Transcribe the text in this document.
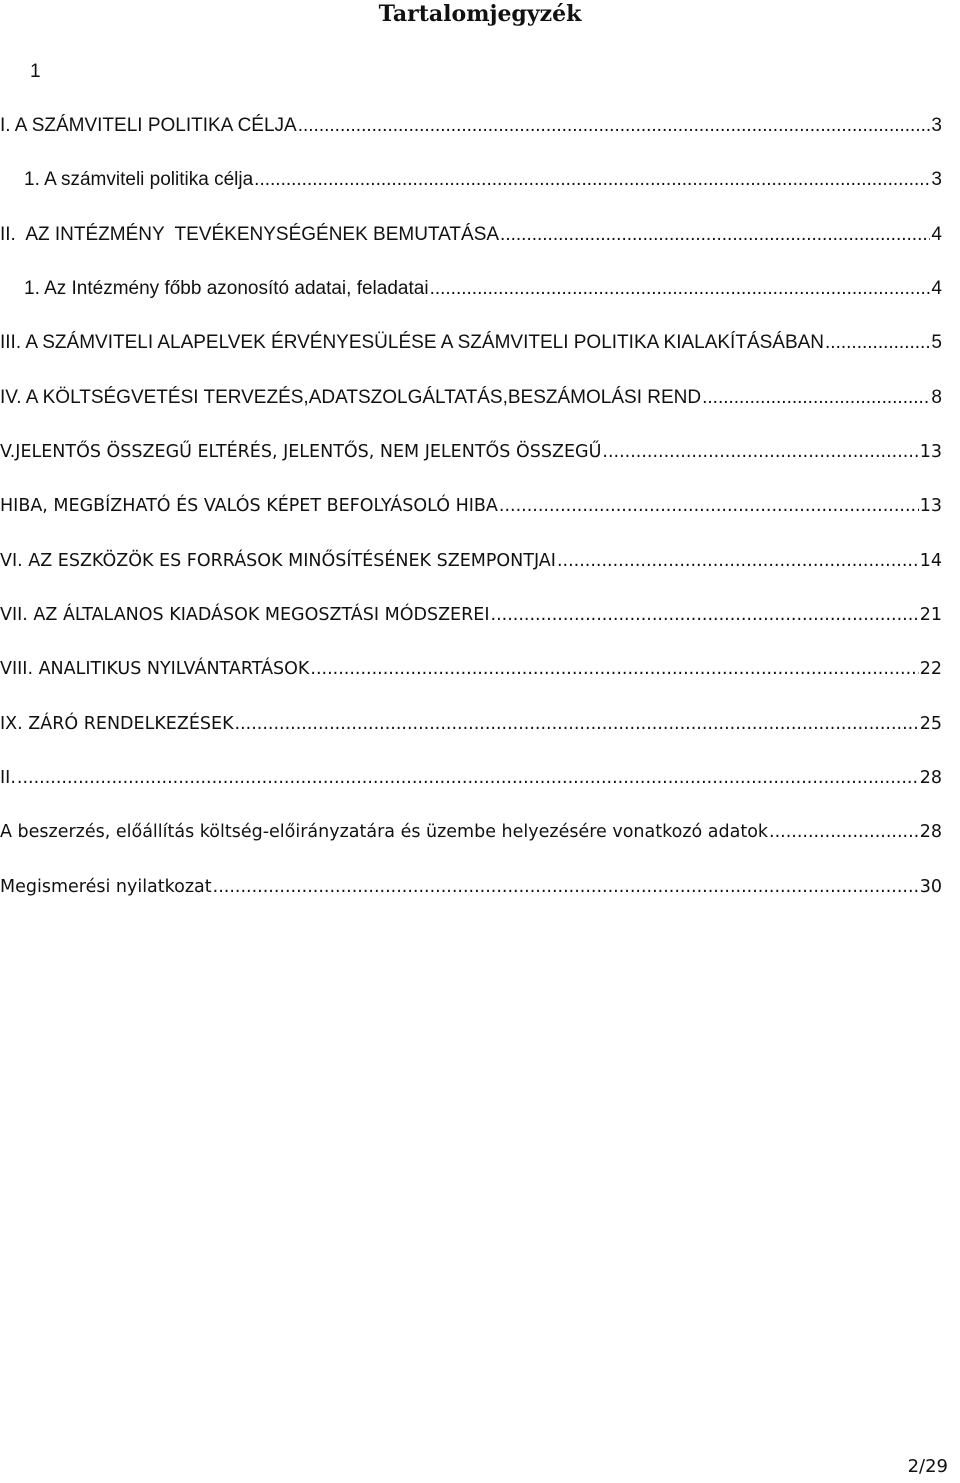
Tartalomjegyzék
1
I. A SZÁMVITELI POLITIKA CÉLJA .....	3
1. A számviteli politika célja .....	3
II.  AZ INTÉZMÉNY  TEVÉKENYSÉGÉNEK BEMUTATÁSA .....	4
1. Az Intézmény főbb azonosító adatai, feladatai .....	4
III. A SZÁMVITELI ALAPELVEK ÉRVÉNYESÜLÉSE A SZÁMVITELI POLITIKA KIALAKÍTÁSÁBAN .....	5
IV. A KÖLTSÉGVETÉSI TERVEZÉS,ADATSZOLGÁLTATÁS,BESZÁMOLÁSI REND .....	8
V.JELENTŐS ÖSSZEGŰ ELTÉRÉS, JELENTŐS, NEM JELENTŐS ÖSSZEGŰ .....	13
HIBA, MEGBÍZHATÓ ÉS VALÓS KÉPET BEFOLYÁSOLÓ HIBA .....	13
VI. AZ ESZKÖZÖK ES FORRÁSOK MINŐSÍTÉSÉNEK SZEMPONTJAI .....	14
VII. AZ ÁLTALANOS KIADÁSOK MEGOSZTÁSI MÓDSZEREI .....	21
VIII. ANALITIKUS NYILVÁNTARTÁSOK .....	22
IX. ZÁRÓ RENDELKEZÉSEK .....	25
II. .....	28
A beszerzés, előállítás költség-előirányzatára és üzembe helyezésére vonatkozó adatok .....	28
Megismerési nyilatkozat .....	30
2/29
